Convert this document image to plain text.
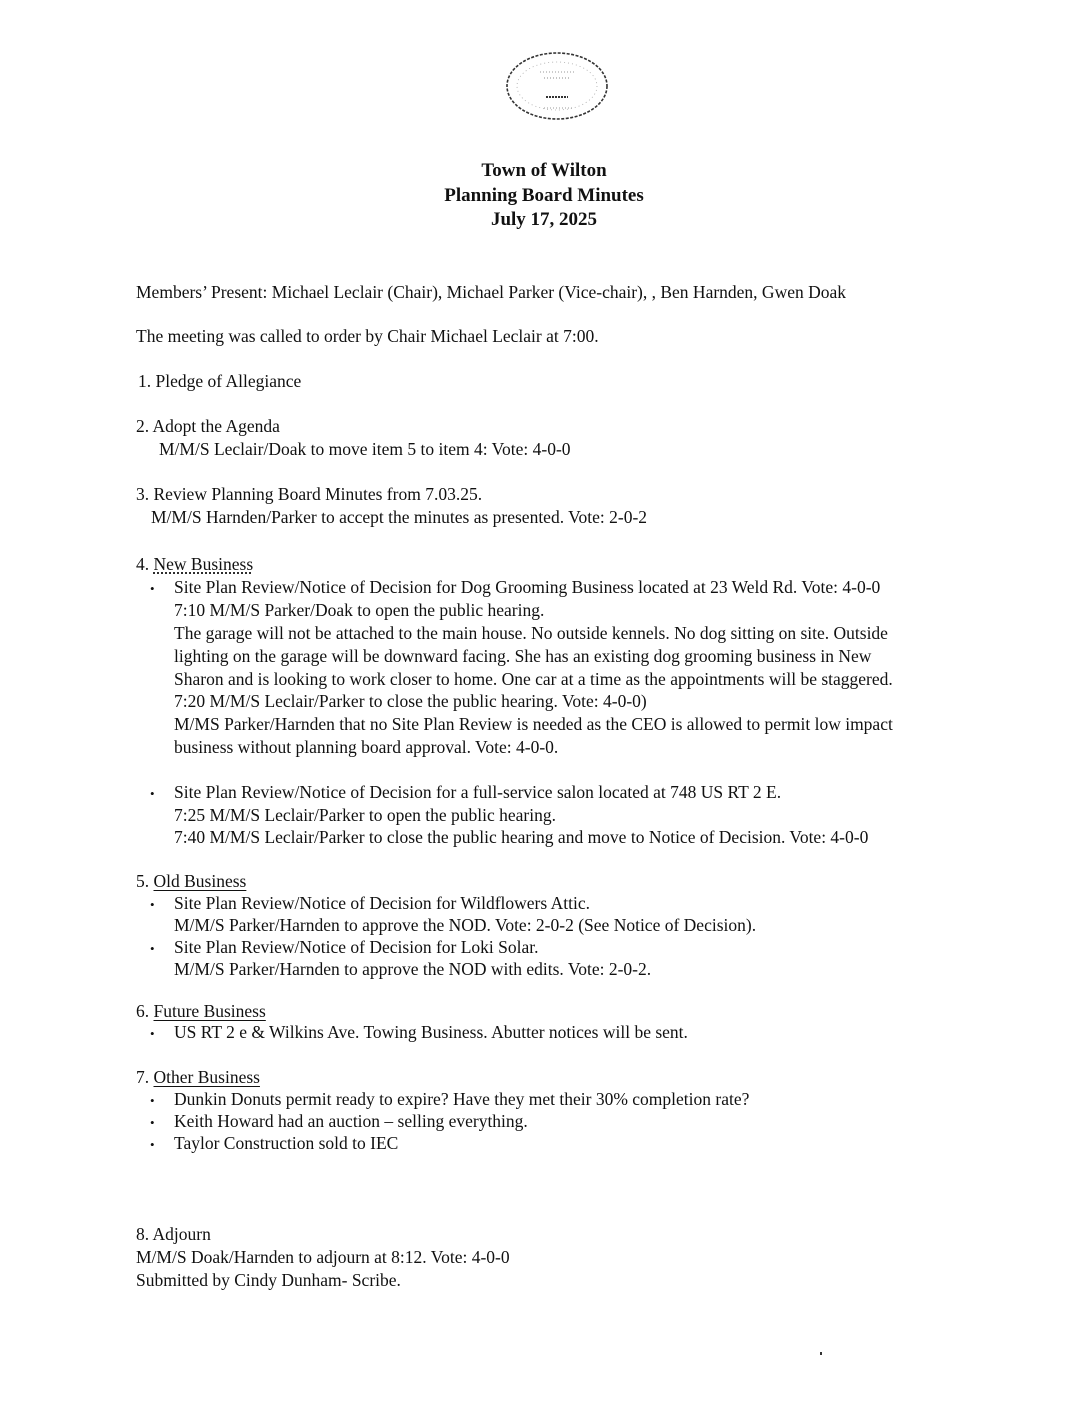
Town of Wilton
Planning Board Minutes
July 17, 2025
Members’ Present: Michael Leclair (Chair), Michael Parker (Vice-chair), , Ben Harnden, Gwen Doak
The meeting was called to order by Chair Michael Leclair at 7:00.
1. Pledge of Allegiance
2. Adopt the Agenda
M/M/S Leclair/Doak to move item 5 to item 4: Vote: 4-0-0
3. Review Planning Board Minutes from 7.03.25.
M/M/S Harnden/Parker to accept the minutes as presented. Vote: 2-0-2
4. New Business
• Site Plan Review/Notice of Decision for Dog Grooming Business located at 23 Weld Rd. Vote: 4-0-0
7:10 M/M/S Parker/Doak to open the public hearing.
The garage will not be attached to the main house. No outside kennels. No dog sitting on site. Outside
lighting on the garage will be downward facing. She has an existing dog grooming business in New
Sharon and is looking to work closer to home. One car at a time as the appointments will be staggered.
7:20 M/M/S Leclair/Parker to close the public hearing. Vote: 4-0-0)
M/MS Parker/Harnden that no Site Plan Review is needed as the CEO is allowed to permit low impact
business without planning board approval. Vote: 4-0-0.
• Site Plan Review/Notice of Decision for a full-service salon located at 748 US RT 2 E.
7:25 M/M/S Leclair/Parker to open the public hearing.
7:40 M/M/S Leclair/Parker to close the public hearing and move to Notice of Decision. Vote: 4-0-0
5. Old Business
• Site Plan Review/Notice of Decision for Wildflowers Attic.
M/M/S Parker/Harnden to approve the NOD. Vote: 2-0-2 (See Notice of Decision).
• Site Plan Review/Notice of Decision for Loki Solar.
M/M/S Parker/Harnden to approve the NOD with edits. Vote: 2-0-2.
6. Future Business
• US RT 2 e & Wilkins Ave. Towing Business. Abutter notices will be sent.
7. Other Business
• Dunkin Donuts permit ready to expire? Have they met their 30% completion rate?
• Keith Howard had an auction – selling everything.
• Taylor Construction sold to IEC
8. Adjourn
M/M/S Doak/Harnden to adjourn at 8:12. Vote: 4-0-0
Submitted by Cindy Dunham- Scribe.
